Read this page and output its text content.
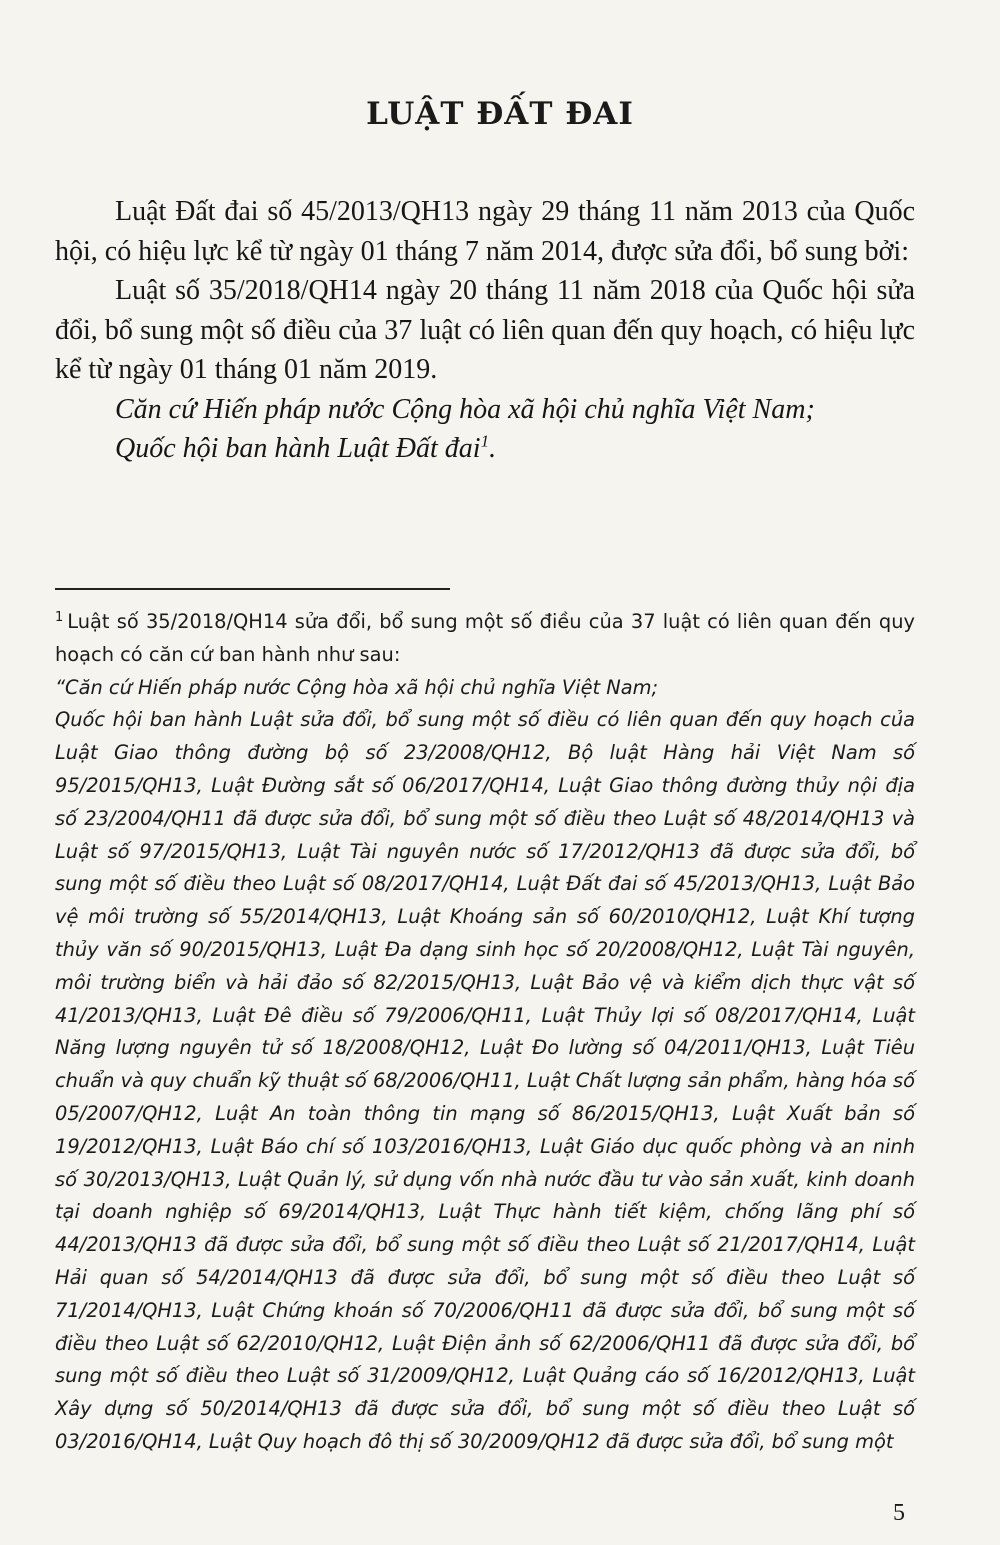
LUẬT ĐẤT ĐAI

Luật Đất đai số 45/2013/QH13 ngày 29 tháng 11 năm 2013 của Quốc hội, có hiệu lực kể từ ngày 01 tháng 7 năm 2014, được sửa đổi, bổ sung bởi:

Luật số 35/2018/QH14 ngày 20 tháng 11 năm 2018 của Quốc hội sửa đổi, bổ sung một số điều của 37 luật có liên quan đến quy hoạch, có hiệu lực kể từ ngày 01 tháng 01 năm 2019.

Căn cứ Hiến pháp nước Cộng hòa xã hội chủ nghĩa Việt Nam;

Quốc hội ban hành Luật Đất đai$^1$.

$^1$ Luật số 35/2018/QH14 sửa đổi, bổ sung một số điều của 37 luật có liên quan đến quy hoạch có căn cứ ban hành như sau:

“Căn cứ Hiến pháp nước Cộng hòa xã hội chủ nghĩa Việt Nam;

Quốc hội ban hành Luật sửa đổi, bổ sung một số điều có liên quan đến quy hoạch của Luật Giao thông đường bộ số 23/2008/QH12, Bộ luật Hàng hải Việt Nam số 95/2015/QH13, Luật Đường sắt số 06/2017/QH14, Luật Giao thông đường thủy nội địa số 23/2004/QH11 đã được sửa đổi, bổ sung một số điều theo Luật số 48/2014/QH13 và Luật số 97/2015/QH13, Luật Tài nguyên nước số 17/2012/QH13 đã được sửa đổi, bổ sung một số điều theo Luật số 08/2017/QH14, Luật Đất đai số 45/2013/QH13, Luật Bảo vệ môi trường số 55/2014/QH13, Luật Khoáng sản số 60/2010/QH12, Luật Khí tượng thủy văn số 90/2015/QH13, Luật Đa dạng sinh học số 20/2008/QH12, Luật Tài nguyên, môi trường biển và hải đảo số 82/2015/QH13, Luật Bảo vệ và kiểm dịch thực vật số 41/2013/QH13, Luật Đê điều số 79/2006/QH11, Luật Thủy lợi số 08/2017/QH14, Luật Năng lượng nguyên tử số 18/2008/QH12, Luật Đo lường số 04/2011/QH13, Luật Tiêu chuẩn và quy chuẩn kỹ thuật số 68/2006/QH11, Luật Chất lượng sản phẩm, hàng hóa số 05/2007/QH12, Luật An toàn thông tin mạng số 86/2015/QH13, Luật Xuất bản số 19/2012/QH13, Luật Báo chí số 103/2016/QH13, Luật Giáo dục quốc phòng và an ninh số 30/2013/QH13, Luật Quản lý, sử dụng vốn nhà nước đầu tư vào sản xuất, kinh doanh tại doanh nghiệp số 69/2014/QH13, Luật Thực hành tiết kiệm, chống lãng phí số 44/2013/QH13 đã được sửa đổi, bổ sung một số điều theo Luật số 21/2017/QH14, Luật Hải quan số 54/2014/QH13 đã được sửa đổi, bổ sung một số điều theo Luật số 71/2014/QH13, Luật Chứng khoán số 70/2006/QH11 đã được sửa đổi, bổ sung một số điều theo Luật số 62/2010/QH12, Luật Điện ảnh số 62/2006/QH11 đã được sửa đổi, bổ sung một số điều theo Luật số 31/2009/QH12, Luật Quảng cáo số 16/2012/QH13, Luật Xây dựng số 50/2014/QH13 đã được sửa đổi, bổ sung một số điều theo Luật số 03/2016/QH14, Luật Quy hoạch đô thị số 30/2009/QH12 đã được sửa đổi, bổ sung một

5
